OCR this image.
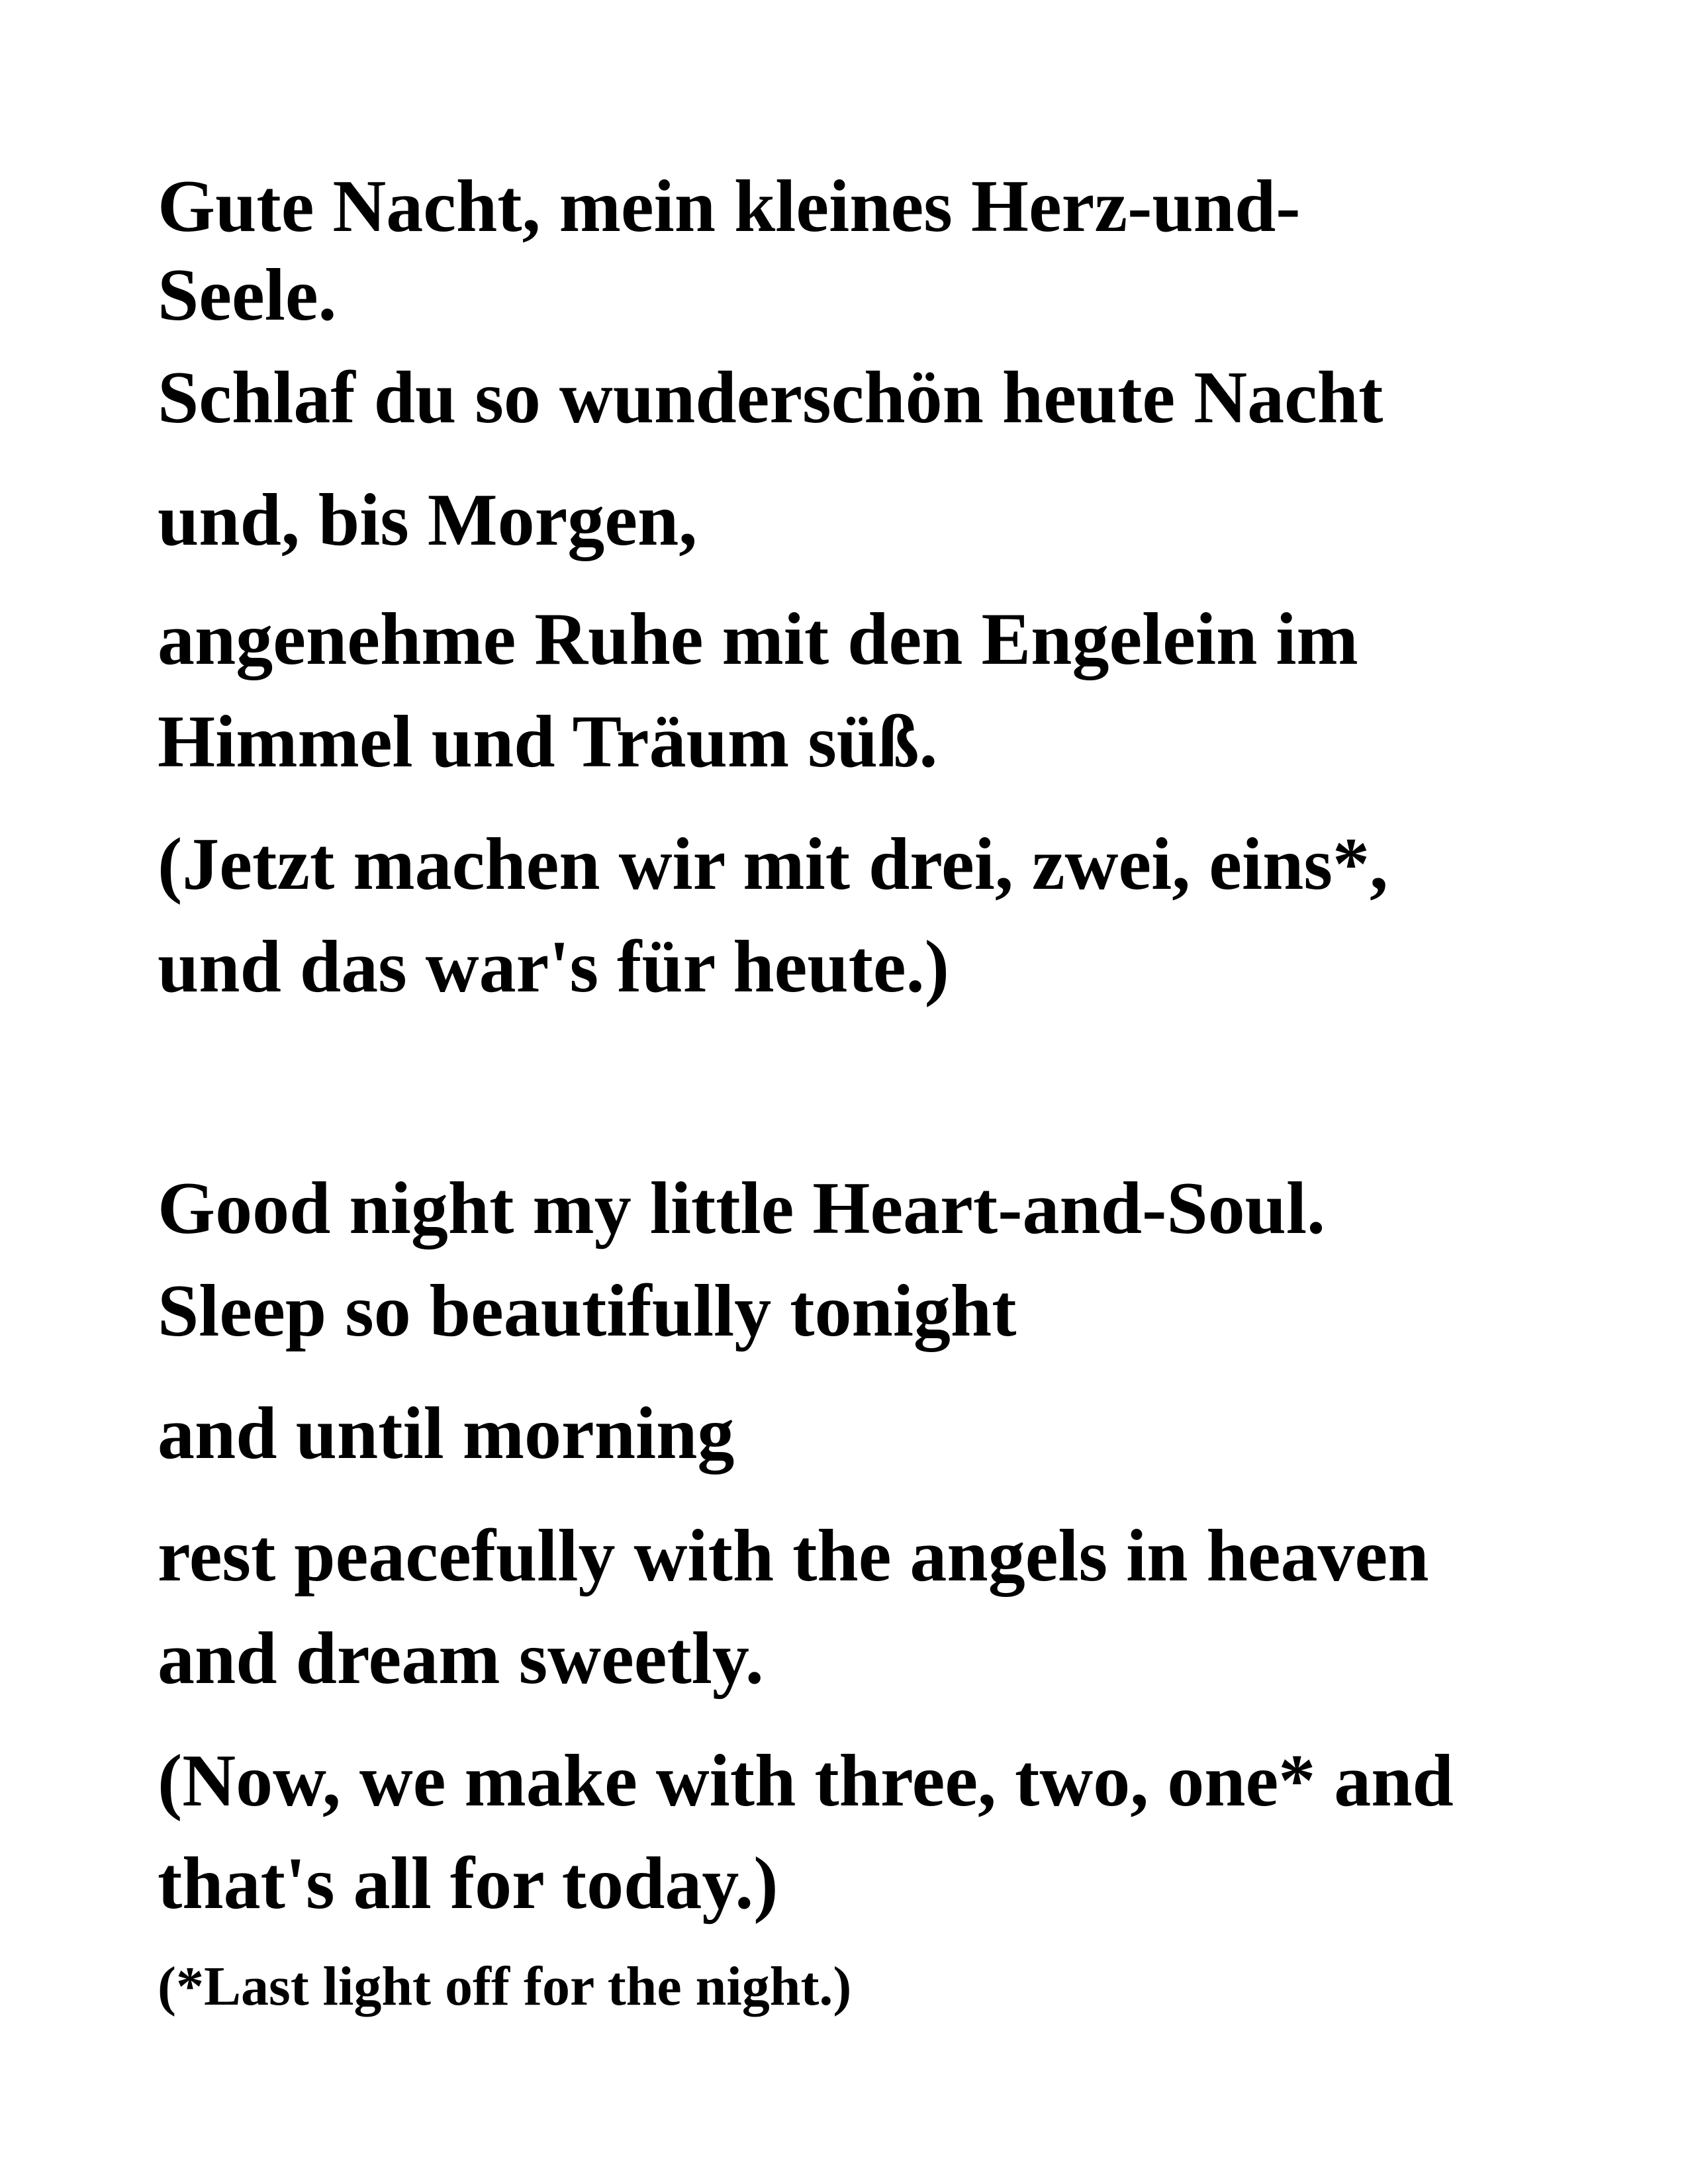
Gute Nacht, mein kleines Herz-und-

Seele.

Schlaf du so wunderschön heute Nacht

und, bis Morgen,

angenehme Ruhe mit den Engelein im

Himmel und Träum süß.

(Jetzt machen wir mit drei, zwei, eins*,

und das war's für heute.)

Good night my little Heart-and-Soul.

Sleep so beautifully tonight

and until morning

rest peacefully with the angels in heaven

and dream sweetly.

(Now, we make with three, two, one* and

that's all for today.)

(*Last light off for the night.)
